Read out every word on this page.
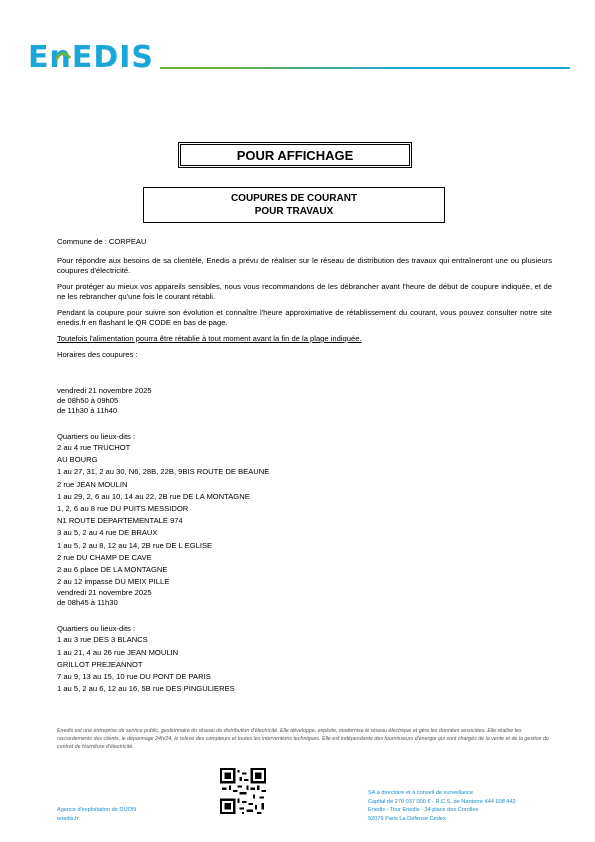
EnEDIS
POUR AFFICHAGE
COUPURES DE COURANT
POUR TRAVAUX

Commune de : CORPEAU

Pour répondre aux besoins de sa clientèle, Enedis a prévu de réaliser sur le réseau de distribution des travaux qui entraîneront une ou plusieurs coupures d'électricité.

Pour protéger au mieux vos appareils sensibles, nous vous recommandons de les débrancher avant l'heure de début de coupure indiquée, et de ne les rebrancher qu'une fois le courant rétabli.

Pendant la coupure pour suivre son évolution et connaître l'heure approximative de rétablissement du courant, vous pouvez consulter notre site enedis.fr en flashant le QR CODE en bas de page.

Toutefois l'alimentation pourra être rétablie à tout moment avant la fin de la plage indiquée.

Horaires des coupures :

vendredi 21 novembre 2025

de 08h50 à 09h05

de 11h30 à 11h40

Quartiers ou lieux-dits :

2 au 4 rue TRUCHOT
AU BOURG
1 au 27, 31, 2 au 30, N6, 28B, 22B, 9BIS ROUTE DE BEAUNE
2 rue JEAN MOULIN
1 au 29, 2, 6 au 10, 14 au 22, 2B rue DE LA MONTAGNE
1, 2, 6 au 8 rue DU PUITS MESSIDOR
N1 ROUTE DEPARTEMENTALE 974
3 au 5, 2 au 4 rue DE BRAUX
1 au 5, 2 au 8, 12 au 14, 2B rue DE L EGLISE
2 rue DU CHAMP DE CAVE
2 au 6 place DE LA MONTAGNE
2 au 12 impasse DU MEIX PILLE

vendredi 21 novembre 2025

de 08h45 à 11h30

Quartiers ou lieux-dits :

1 au 3 rue DES 3 BLANCS
1 au 21, 4 au 26 rue JEAN MOULIN
GRILLOT PREJEANNOT
7 au 9, 13 au 15, 10 rue DU PONT DE PARIS
1 au 5, 2 au 6, 12 au 16, 5B rue DES PINGULIERES
Enedis est une entreprise de service public, gestionnaire du réseau de distribution d'électricité. Elle développe, exploite, modernise le réseau électrique et gère les données associées. Elle réalise les raccordements des clients, le dépannage 24h/24, le relevé des compteurs et toutes les interventions techniques. Elle est indépendante des fournisseurs d'énergie qui sont chargés de la vente et de la gestion du contrat de fourniture d'électricité.
Agence d'exploitation de DIJON
enedis.fr
SA à directoire et à conseil de surveillance
Capital de 270 037 000 € - R.C.S. de Nanterre 444 608 442
Enedis - Tour Enedis - 34 place des Corolles
92079 Paris La Défense Cedex
